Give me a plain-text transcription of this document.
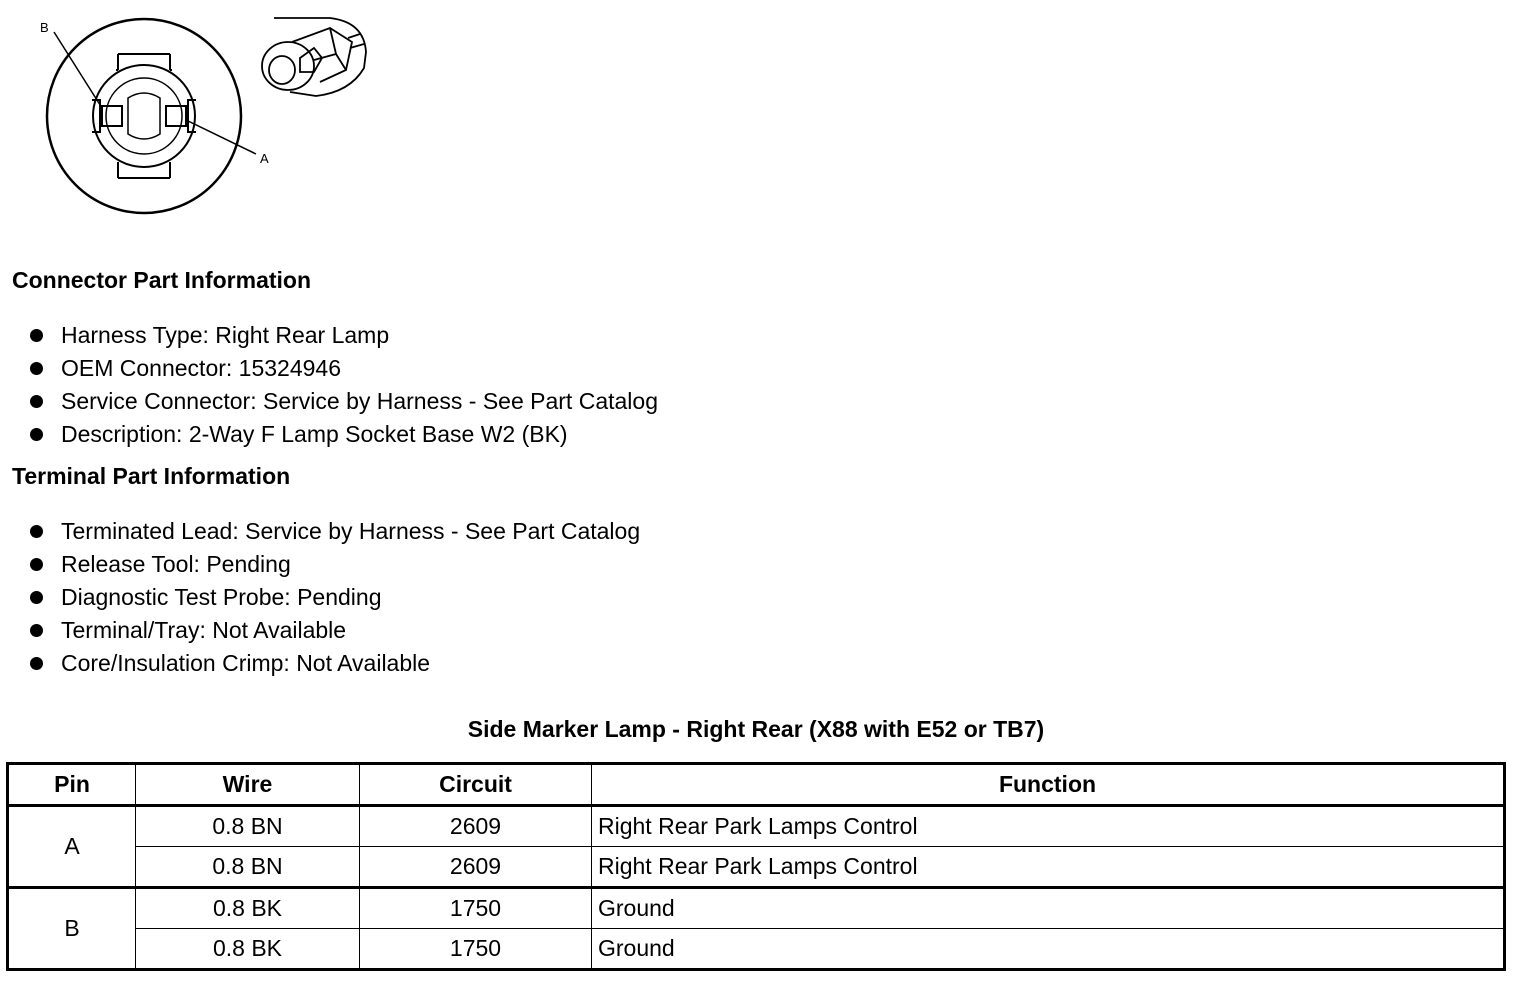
B
A
Connector Part Information
Harness Type: Right Rear Lamp
OEM Connector: 15324946
Service Connector: Service by Harness - See Part Catalog
Description: 2-Way F Lamp Socket Base W2 (BK)
Terminal Part Information
Terminated Lead: Service by Harness - See Part Catalog
Release Tool: Pending
Diagnostic Test Probe: Pending
Terminal/Tray: Not Available
Core/Insulation Crimp: Not Available
Side Marker Lamp - Right Rear (X88 with E52 or TB7)
Pin	Wire	Circuit	Function
A	0.8 BN	2609	Right Rear Park Lamps Control
	0.8 BN	2609	Right Rear Park Lamps Control
B	0.8 BK	1750	Ground
	0.8 BK	1750	Ground
